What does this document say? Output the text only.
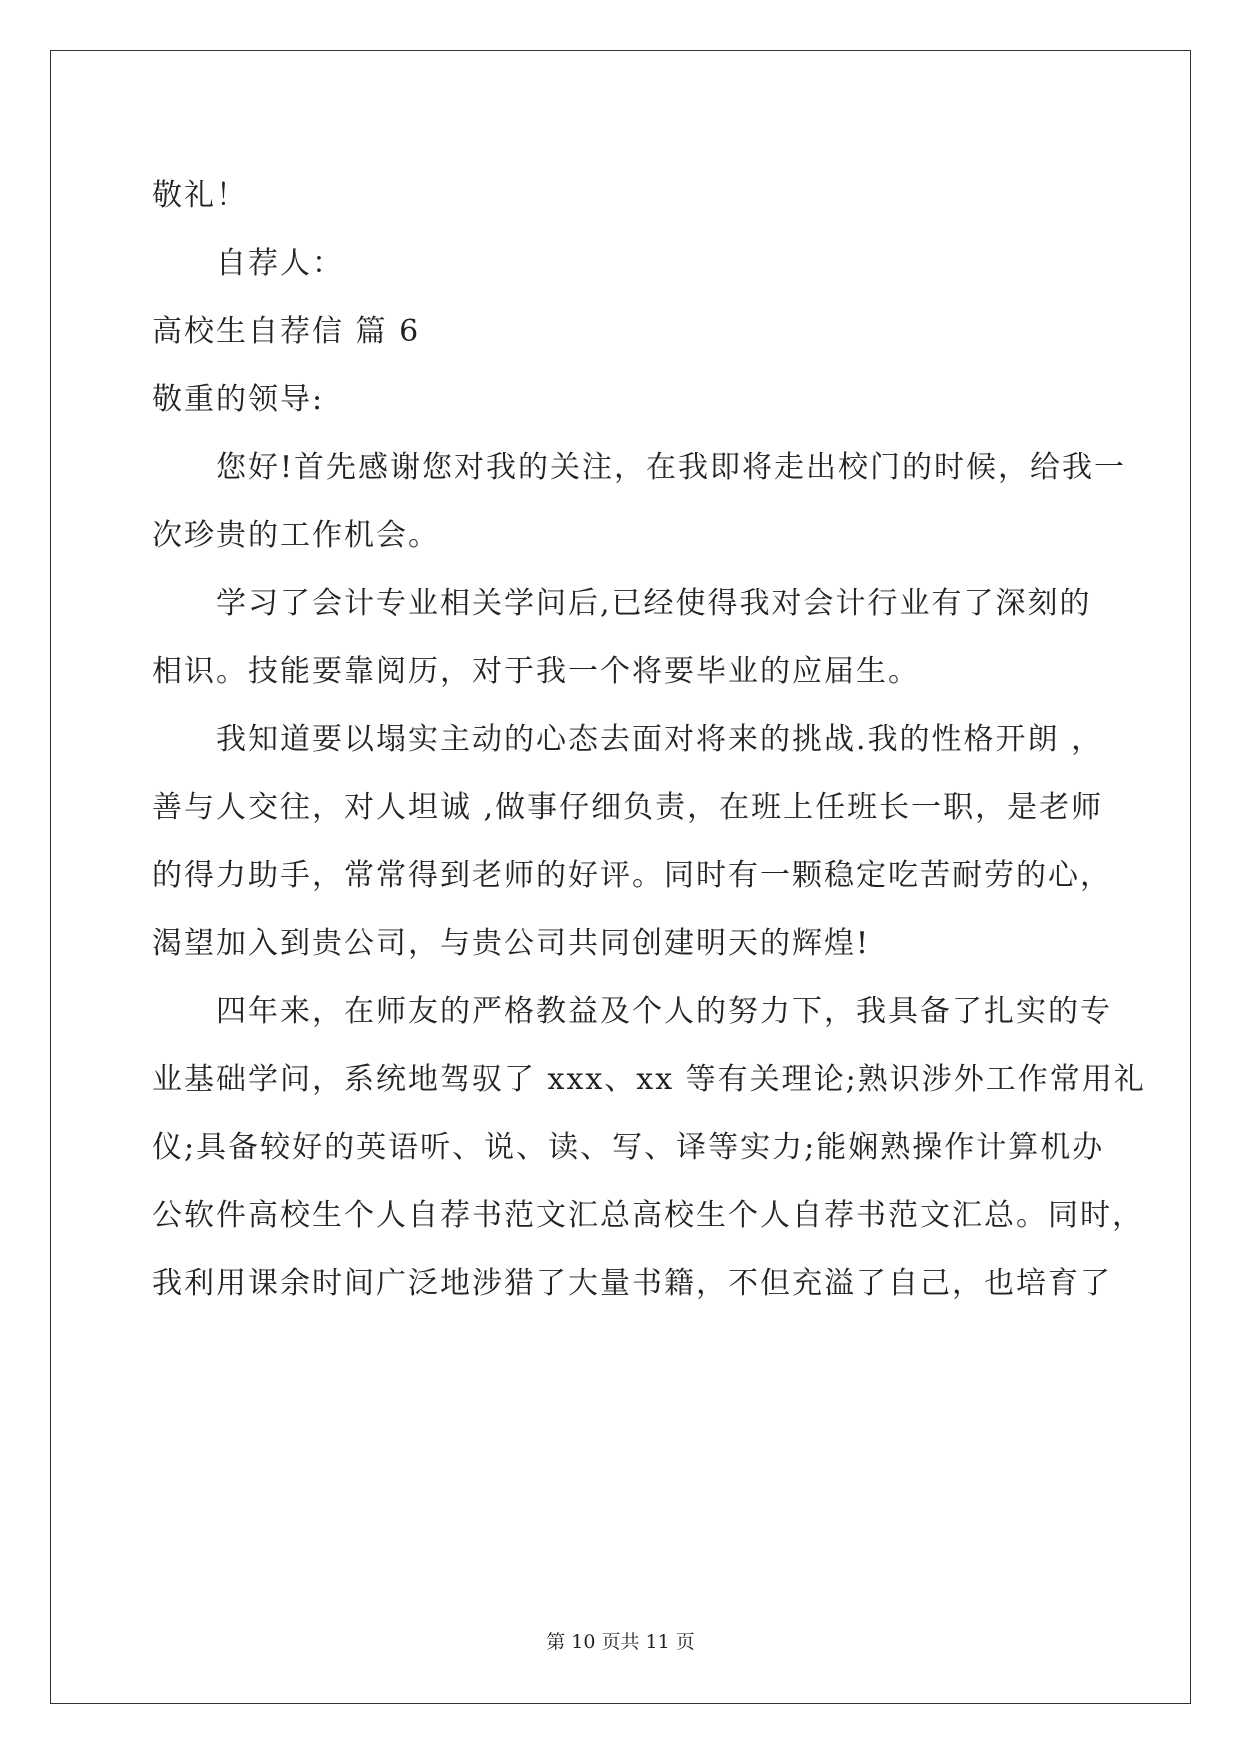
敬礼！
自荐人：
高校生自荐信 篇 6
敬重的领导:
您好!首先感谢您对我的关注，在我即将走出校门的时候，给我一
次珍贵的工作机会。
学习了会计专业相关学问后,已经使得我对会计行业有了深刻的
相识。技能要靠阅历，对于我一个将要毕业的应届生。
我知道要以塌实主动的心态去面对将来的挑战.我的性格开朗 ，
善与人交往，对人坦诚 ,做事仔细负责，在班上任班长一职，是老师
的得力助手，常常得到老师的好评。同时有一颗稳定吃苦耐劳的心，
渴望加入到贵公司，与贵公司共同创建明天的辉煌!
四年来，在师友的严格教益及个人的努力下，我具备了扎实的专
业基础学问，系统地驾驭了 xxx、xx 等有关理论;熟识涉外工作常用礼
仪;具备较好的英语听、说、读、写、译等实力;能娴熟操作计算机办
公软件高校生个人自荐书范文汇总高校生个人自荐书范文汇总。同时，
我利用课余时间广泛地涉猎了大量书籍，不但充溢了自己，也培育了
第 10 页共 11 页
